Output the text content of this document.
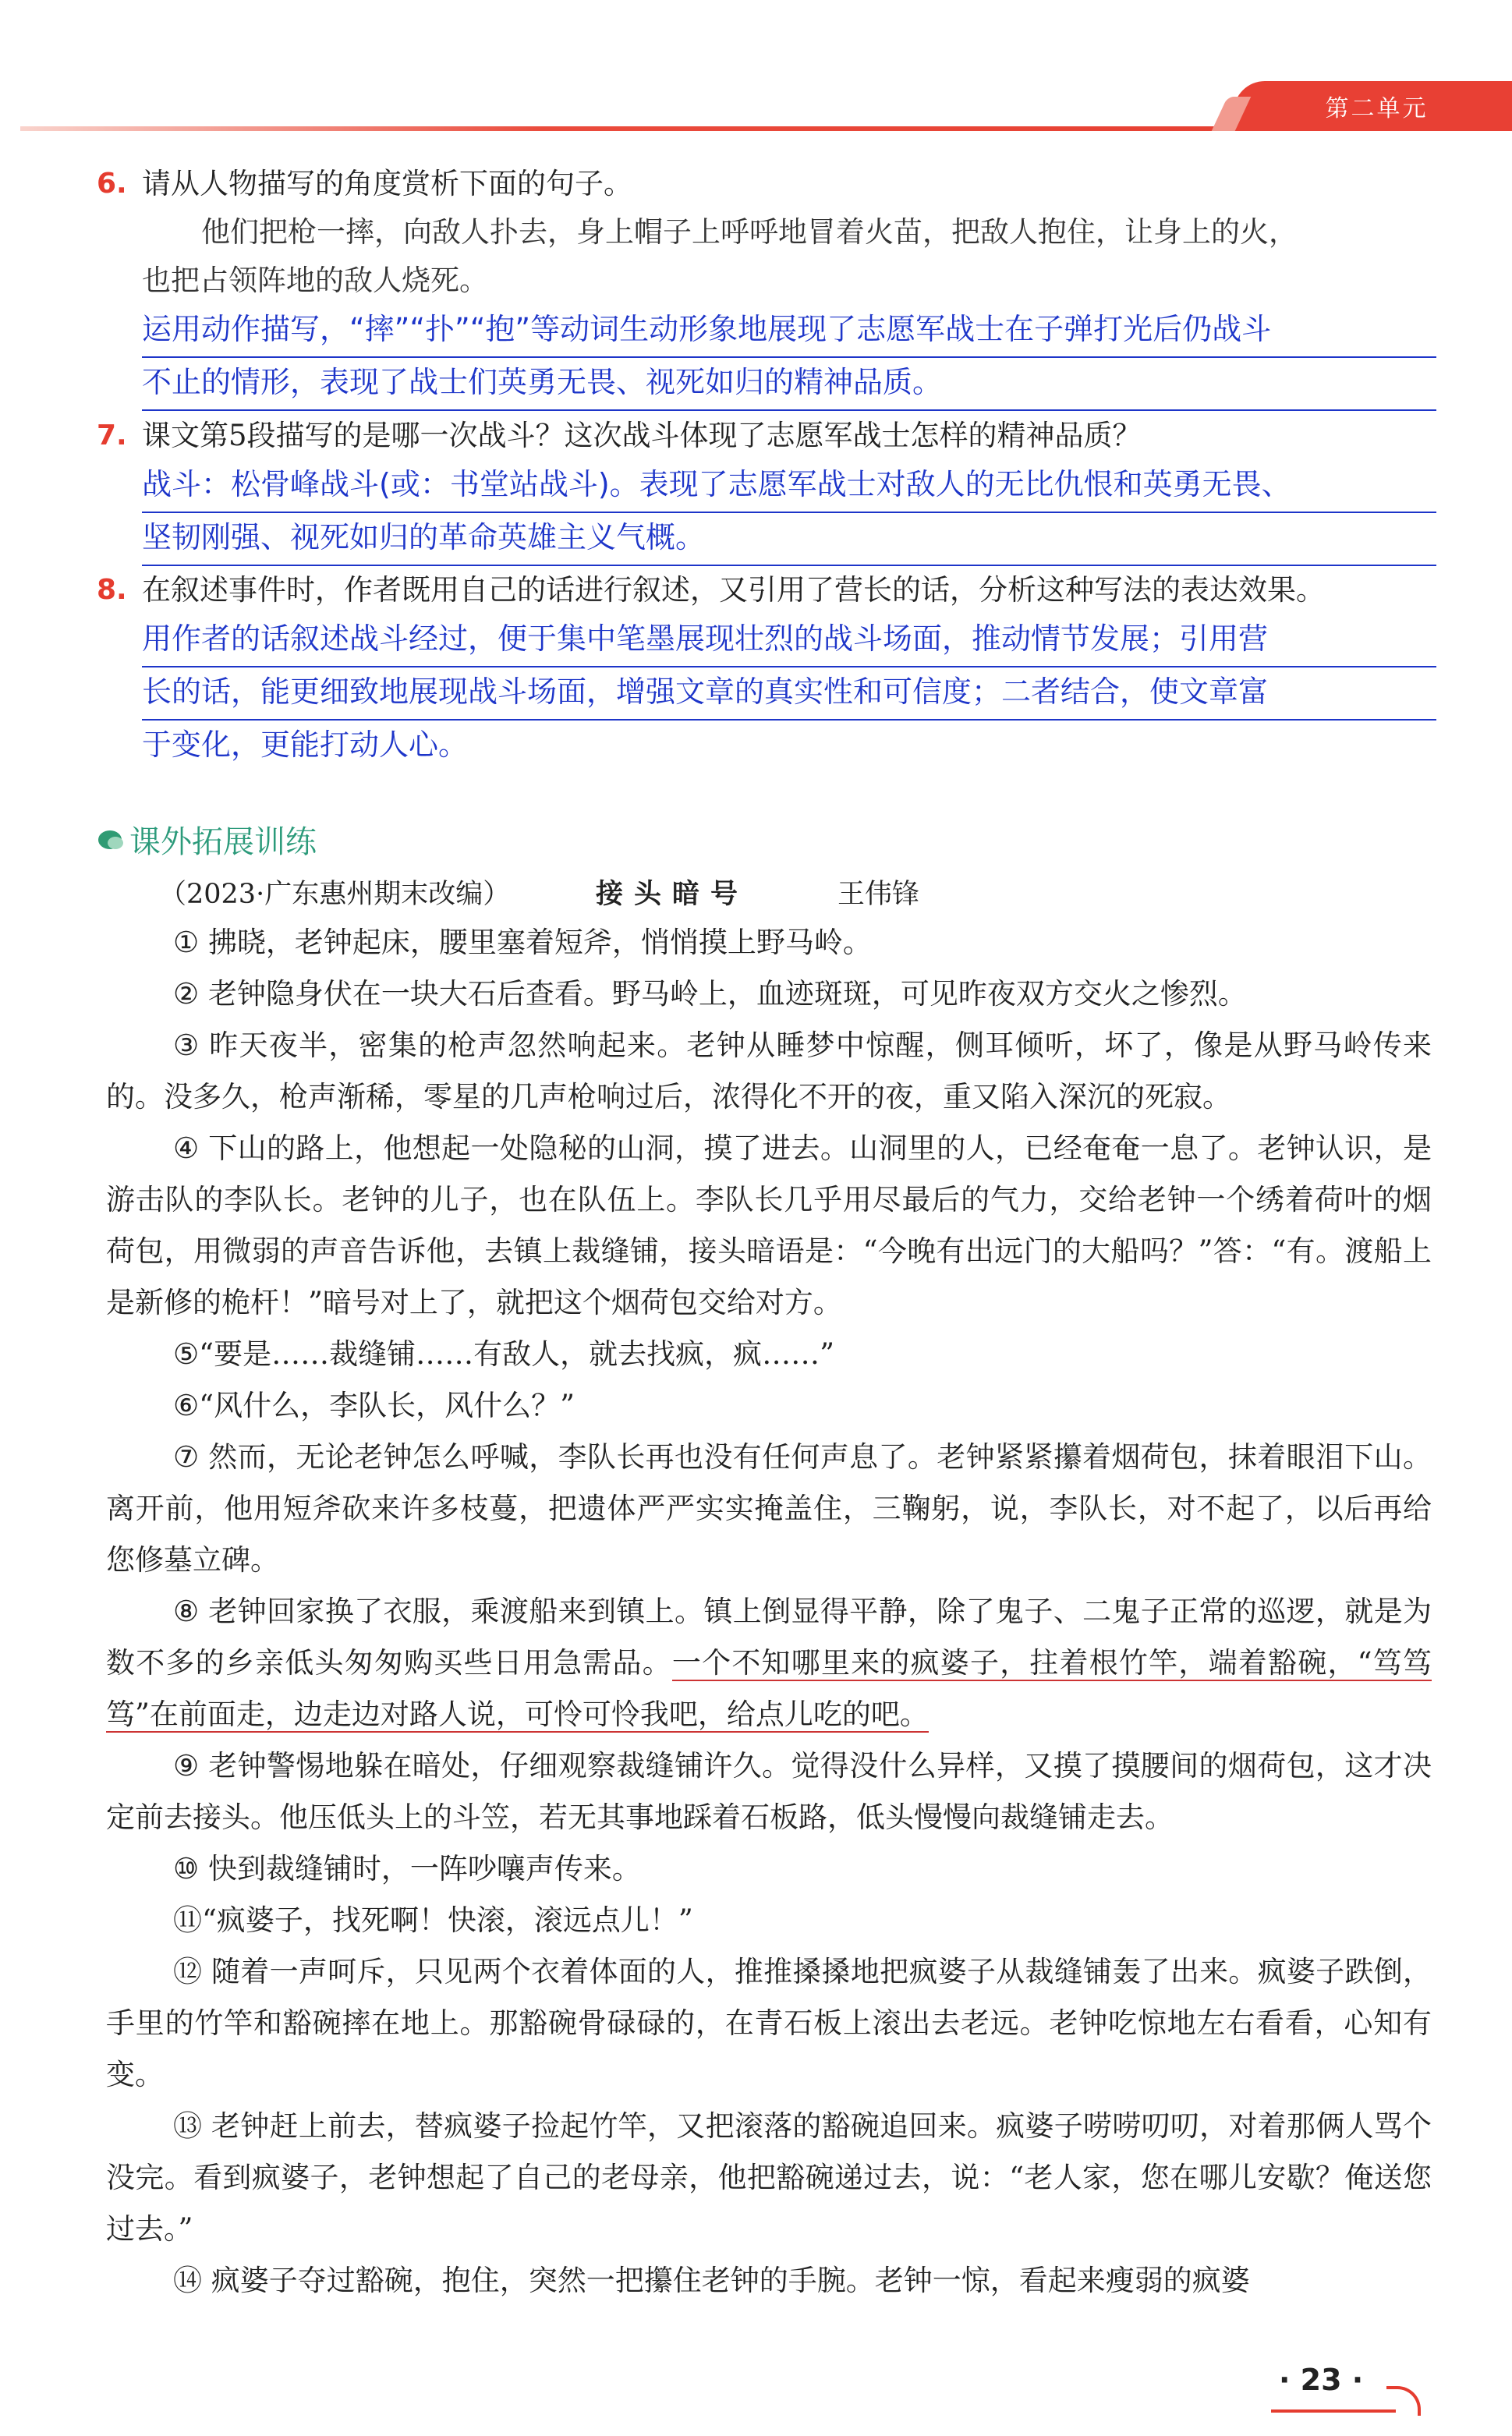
第二单元
6. 请从人物描写的角度赏析下面的句子。
他们把枪一摔，向敌人扑去，身上帽子上呼呼地冒着火苗，把敌人抱住，让身上的火，
也把占领阵地的敌人烧死。
运用动作描写，“摔”“扑”“抱”等动词生动形象地展现了志愿军战士在子弹打光后仍战斗
不止的情形，表现了战士们英勇无畏、视死如归的精神品质。
7. 课文第5段描写的是哪一次战斗？这次战斗体现了志愿军战士怎样的精神品质？
战斗：松骨峰战斗(或：书堂站战斗)。表现了志愿军战士对敌人的无比仇恨和英勇无畏、
坚韧刚强、视死如归的革命英雄主义气概。
8. 在叙述事件时，作者既用自己的话进行叙述，又引用了营长的话，分析这种写法的表达效果。
用作者的话叙述战斗经过，便于集中笔墨展现壮烈的战斗场面，推动情节发展；引用营
长的话，能更细致地展现战斗场面，增强文章的真实性和可信度；二者结合，使文章富
于变化，更能打动人心。
课外拓展训练
（2023·广东惠州期末改编）	接头暗号	王伟锋

① 拂晓，老钟起床，腰里塞着短斧，悄悄摸上野马岭。

② 老钟隐身伏在一块大石后查看。野马岭上，血迹斑斑，可见昨夜双方交火之惨烈。

③ 昨天夜半，密集的枪声忽然响起来。老钟从睡梦中惊醒，侧耳倾听，坏了，像是从野马岭传来的。没多久，枪声渐稀，零星的几声枪响过后，浓得化不开的夜，重又陷入深沉的死寂。

④ 下山的路上，他想起一处隐秘的山洞，摸了进去。山洞里的人，已经奄奄一息了。老钟认识，是游击队的李队长。老钟的儿子，也在队伍上。李队长几乎用尽最后的气力，交给老钟一个绣着荷叶的烟荷包，用微弱的声音告诉他，去镇上裁缝铺，接头暗语是：“今晚有出远门的大船吗？”答：“有。渡船上是新修的桅杆！”暗号对上了，就把这个烟荷包交给对方。

⑤“要是……裁缝铺……有敌人，就去找疯，疯……”

⑥“风什么，李队长，风什么？”

⑦ 然而，无论老钟怎么呼喊，李队长再也没有任何声息了。老钟紧紧攥着烟荷包，抹着眼泪下山。离开前，他用短斧砍来许多枝蔓，把遗体严严实实掩盖住，三鞠躬，说，李队长，对不起了，以后再给您修墓立碑。

⑧ 老钟回家换了衣服，乘渡船来到镇上。镇上倒显得平静，除了鬼子、二鬼子正常的巡逻，就是为数不多的乡亲低头匆匆购买些日用急需品。一个不知哪里来的疯婆子，拄着根竹竿，端着豁碗，“笃笃笃”在前面走，边走边对路人说，可怜可怜我吧，给点儿吃的吧。

⑨ 老钟警惕地躲在暗处，仔细观察裁缝铺许久。觉得没什么异样，又摸了摸腰间的烟荷包，这才决定前去接头。他压低头上的斗笠，若无其事地踩着石板路，低头慢慢向裁缝铺走去。

⑩ 快到裁缝铺时，一阵吵嚷声传来。

⑪“疯婆子，找死啊！快滚，滚远点儿！”

⑫ 随着一声呵斥，只见两个衣着体面的人，推推搡搡地把疯婆子从裁缝铺轰了出来。疯婆子跌倒，手里的竹竿和豁碗摔在地上。那豁碗骨碌碌的，在青石板上滚出去老远。老钟吃惊地左右看看，心知有变。

⑬ 老钟赶上前去，替疯婆子捡起竹竿，又把滚落的豁碗追回来。疯婆子唠唠叨叨，对着那俩人骂个没完。看到疯婆子，老钟想起了自己的老母亲，他把豁碗递过去，说：“老人家，您在哪儿安歇？俺送您过去。”

⑭ 疯婆子夺过豁碗，抱住，突然一把攥住老钟的手腕。老钟一惊，看起来瘦弱的疯婆

· 23 ·
